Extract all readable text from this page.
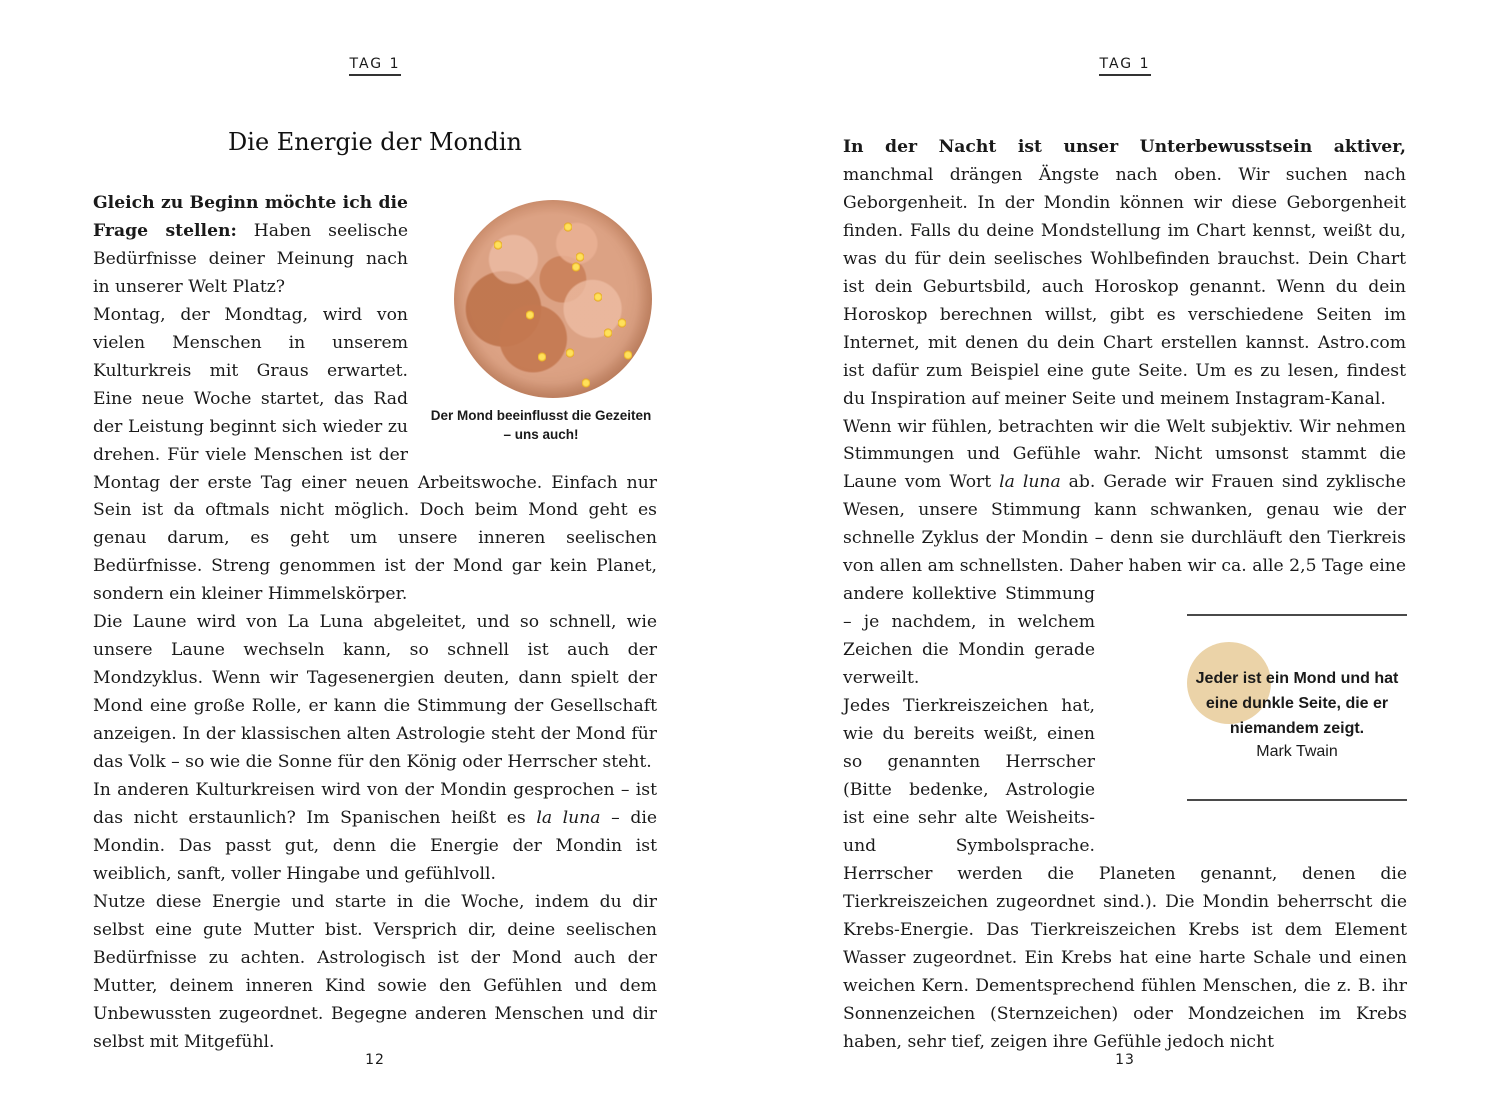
TAG 1
Die Energie der Mondin
Der Mond beeinflusst die Gezeiten – uns auch!

Gleich zu Beginn möchte ich die Frage stellen: Haben seelische Bedürfnisse deiner Meinung nach in unserer Welt Platz?

Montag, der Mondtag, wird von vielen Menschen in unserem Kulturkreis mit Graus erwartet. Eine neue Woche startet, das Rad der Leistung beginnt sich wieder zu drehen. Für viele Menschen ist der Montag der erste Tag einer neuen Arbeitswoche. Einfach nur Sein ist da oftmals nicht möglich. Doch beim Mond geht es genau darum, es geht um unsere inneren seelischen Bedürfnisse. Streng genommen ist der Mond gar kein Planet, sondern ein kleiner Himmelskörper.

Die Laune wird von La Luna abgeleitet, und so schnell, wie unsere Laune wechseln kann, so schnell ist auch der Mondzyklus. Wenn wir Tagesenergien deuten, dann spielt der Mond eine große Rolle, er kann die Stimmung der Gesellschaft anzeigen. In der klassischen alten Astrologie steht der Mond für das Volk – so wie die Sonne für den König oder Herrscher steht.

In anderen Kulturkreisen wird von der Mondin gesprochen – ist das nicht erstaunlich? Im Spanischen heißt es la luna – die Mondin. Das passt gut, denn die Energie der Mondin ist weiblich, sanft, voller Hingabe und gefühlvoll.

Nutze diese Energie und starte in die Woche, indem du dir selbst eine gute Mutter bist. Versprich dir, deine seelischen Bedürfnisse zu achten. Astrologisch ist der Mond auch der Mutter, deinem inneren Kind sowie den Gefühlen und dem Unbewussten zugeordnet. Begegne anderen Menschen und dir selbst mit Mitgefühl.

12
TAG 1
Jeder ist ein Mond und hat eine dunkle Seite, die er niemandem zeigt.
Mark Twain

In der Nacht ist unser Unterbewusstsein aktiver, manchmal drängen Ängste nach oben. Wir suchen nach Geborgenheit. In der Mondin können wir diese Geborgenheit finden. Falls du deine Mondstellung im Chart kennst, weißt du, was du für dein seelisches Wohlbefinden brauchst. Dein Chart ist dein Geburtsbild, auch Horoskop genannt. Wenn du dein Horoskop berechnen willst, gibt es verschiedene Seiten im Internet, mit denen du dein Chart erstellen kannst. Astro.com ist dafür zum Beispiel eine gute Seite. Um es zu lesen, findest du Inspiration auf meiner Seite und meinem Instagram-Kanal.

Wenn wir fühlen, betrachten wir die Welt subjektiv. Wir nehmen Stimmungen und Gefühle wahr. Nicht umsonst stammt die Laune vom Wort la luna ab. Gerade wir Frauen sind zyklische Wesen, unsere Stimmung kann schwanken, genau wie der schnelle Zyklus der Mondin – denn sie durchläuft den Tierkreis von allen am schnellsten. Daher haben wir ca. alle 2,5 Tage eine andere kollektive Stimmung – je nachdem, in welchem Zeichen die Mondin gerade verweilt.

Jedes Tierkreiszeichen hat, wie du bereits weißt, einen so genannten Herrscher (Bitte bedenke, Astrologie ist eine sehr alte Weisheits- und Symbolsprache. Herrscher werden die Planeten genannt, denen die Tierkreiszeichen zugeordnet sind.). Die Mondin beherrscht die Krebs-Energie. Das Tierkreiszeichen Krebs ist dem Element Wasser zugeordnet. Ein Krebs hat eine harte Schale und einen weichen Kern. Dementsprechend fühlen Menschen, die z. B. ihr Sonnenzeichen (Sternzeichen) oder Mondzeichen im Krebs haben, sehr tief, zeigen ihre Gefühle jedoch nicht

13
